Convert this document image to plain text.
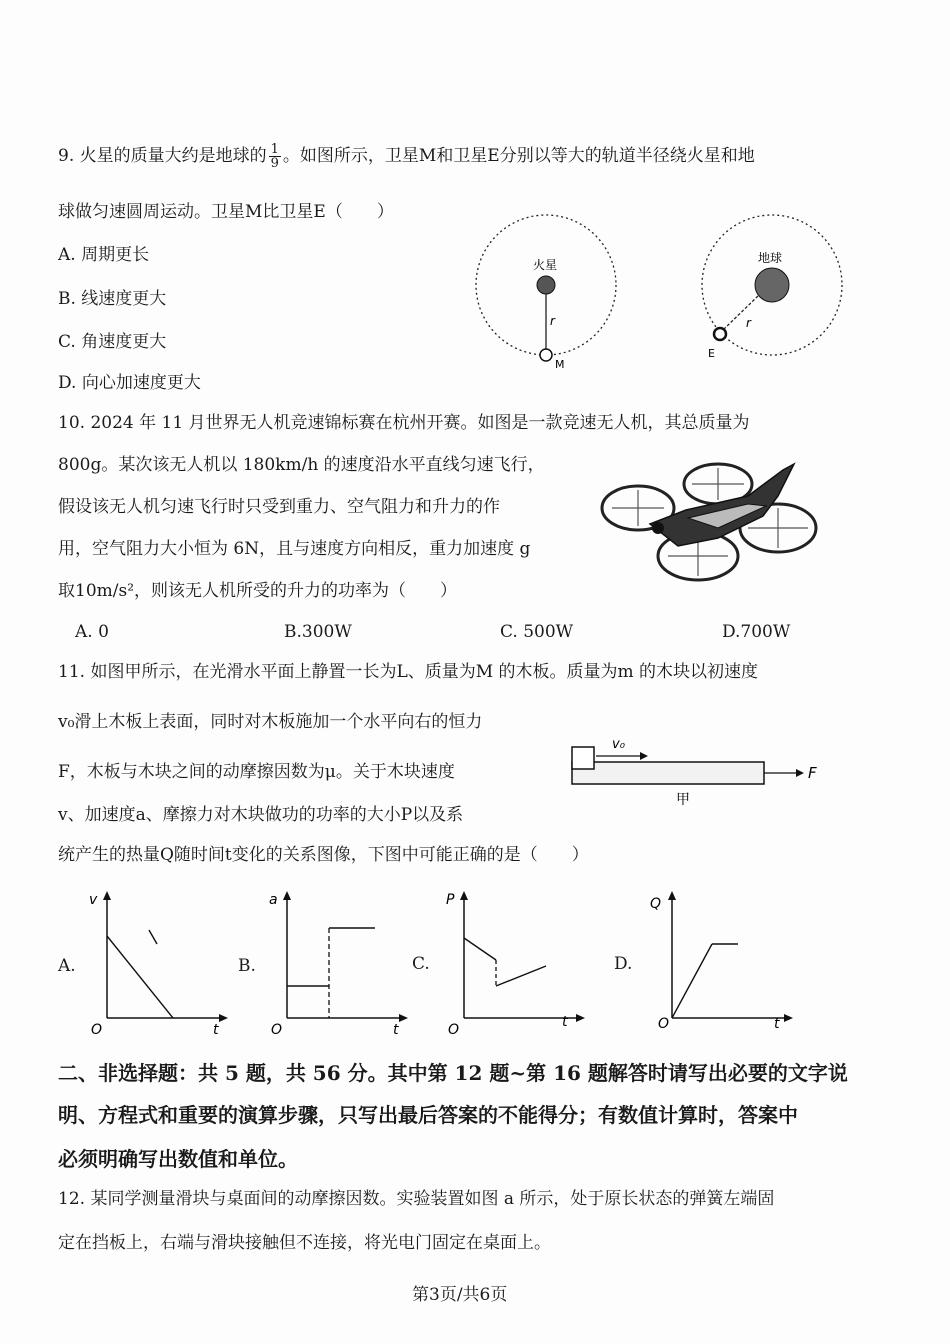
9. 火星的质量大约是地球的 $\frac{1}{9}$ 。如图所示，卫星M和卫星E分别以等大的轨道半径绕火星和地
球做匀速圆周运动。卫星M比卫星E（　　）
A. 周期更长
B. 线速度更大
C. 角速度更大
D. 向心加速度更大
火星
r
M
地球
r
E
10. 2024 年 11 月世界无人机竞速锦标赛在杭州开赛。如图是一款竞速无人机，其总质量为
800g。某次该无人机以 180km/h 的速度沿水平直线匀速飞行，
假设该无人机匀速飞行时只受到重力、空气阻力和升力的作
用，空气阻力大小恒为 6N，且与速度方向相反，重力加速度 g
取10m/s²，则该无人机所受的升力的功率为（　　）
A. 0	B.300W	C. 500W	D.700W
11. 如图甲所示，在光滑水平面上静置一长为L、质量为M 的木板。质量为m 的木块以初速度
v₀滑上木板上表面，同时对木板施加一个水平向右的恒力
F，木板与木块之间的动摩擦因数为μ。关于木块速度
v、加速度a、摩擦力对木块做功的功率的大小P以及系
统产生的热量Q随时间t变化的关系图像，下图中可能正确的是（　　）
v₀
F
甲
A.
v
t
O
B.
a
t
O
C.
P
t
O
D.
Q
t
O
二、非选择题：共 5 题，共 56 分。其中第 12 题~第 16 题解答时请写出必要的文字说
明、方程式和重要的演算步骤，只写出最后答案的不能得分；有数值计算时，答案中
必须明确写出数值和单位。
12. 某同学测量滑块与桌面间的动摩擦因数。实验装置如图 a 所示，处于原长状态的弹簧左端固
定在挡板上，右端与滑块接触但不连接，将光电门固定在桌面上。
第3页/共6页
